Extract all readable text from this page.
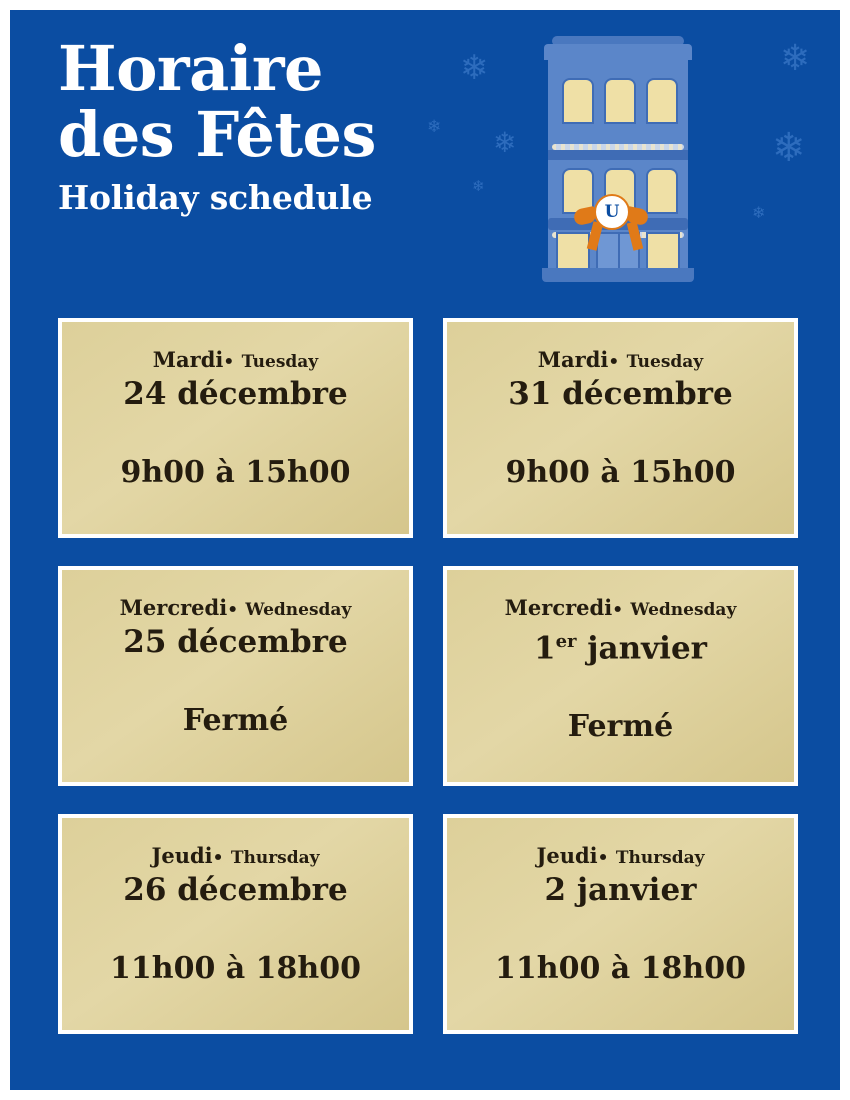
Horaire
des Fêtes
Holiday schedule
❄
❄
❄
❄
❄
❄
❄
U
Mardi• Tuesday
24 décembre
9h00 à 15h00
Mardi• Tuesday
31 décembre
9h00 à 15h00
Mercredi• Wednesday
25 décembre
Fermé
Mercredi• Wednesday
1er janvier
Fermé
Jeudi• Thursday
26 décembre
11h00 à 18h00
Jeudi• Thursday
2 janvier
11h00 à 18h00
